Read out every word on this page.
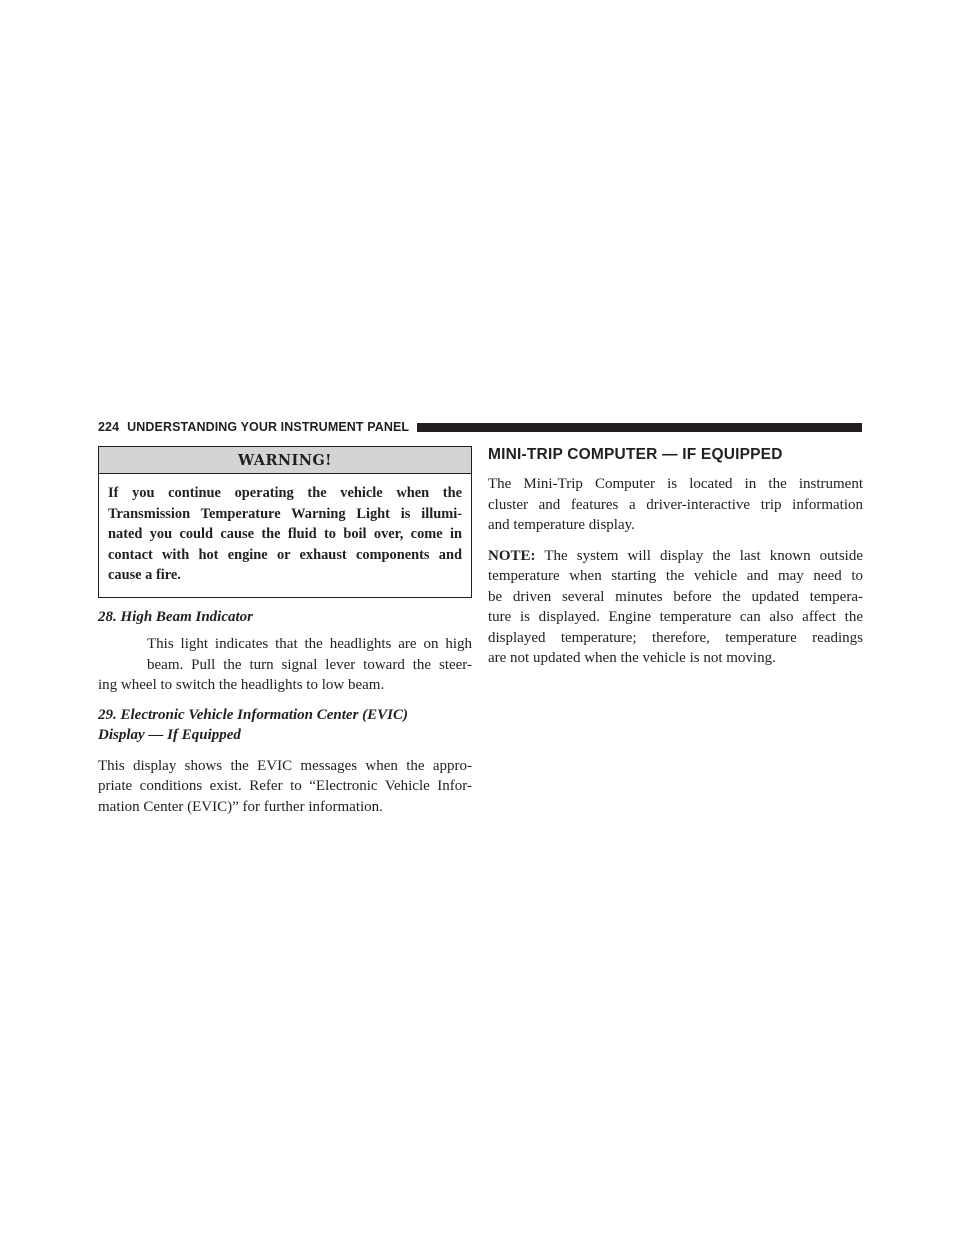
224 UNDERSTANDING YOUR INSTRUMENT PANEL
WARNING!
If you continue operating the vehicle when the
Transmission Temperature Warning Light is illumi-
nated you could cause the fluid to boil over, come in
contact with hot engine or exhaust components and
cause a fire.
28. High Beam Indicator
This light indicates that the headlights are on high
beam. Pull the turn signal lever toward the steer-
ing wheel to switch the headlights to low beam.
29. Electronic Vehicle Information Center (EVIC)
Display — If Equipped
This display shows the EVIC messages when the appro-
priate conditions exist. Refer to “Electronic Vehicle Infor-
mation Center (EVIC)” for further information.
MINI-TRIP COMPUTER — IF EQUIPPED
The Mini-Trip Computer is located in the instrument
cluster and features a driver-interactive trip information
and temperature display.
NOTE: The system will display the last known outside
temperature when starting the vehicle and may need to
be driven several minutes before the updated tempera-
ture is displayed. Engine temperature can also affect the
displayed temperature; therefore, temperature readings
are not updated when the vehicle is not moving.
